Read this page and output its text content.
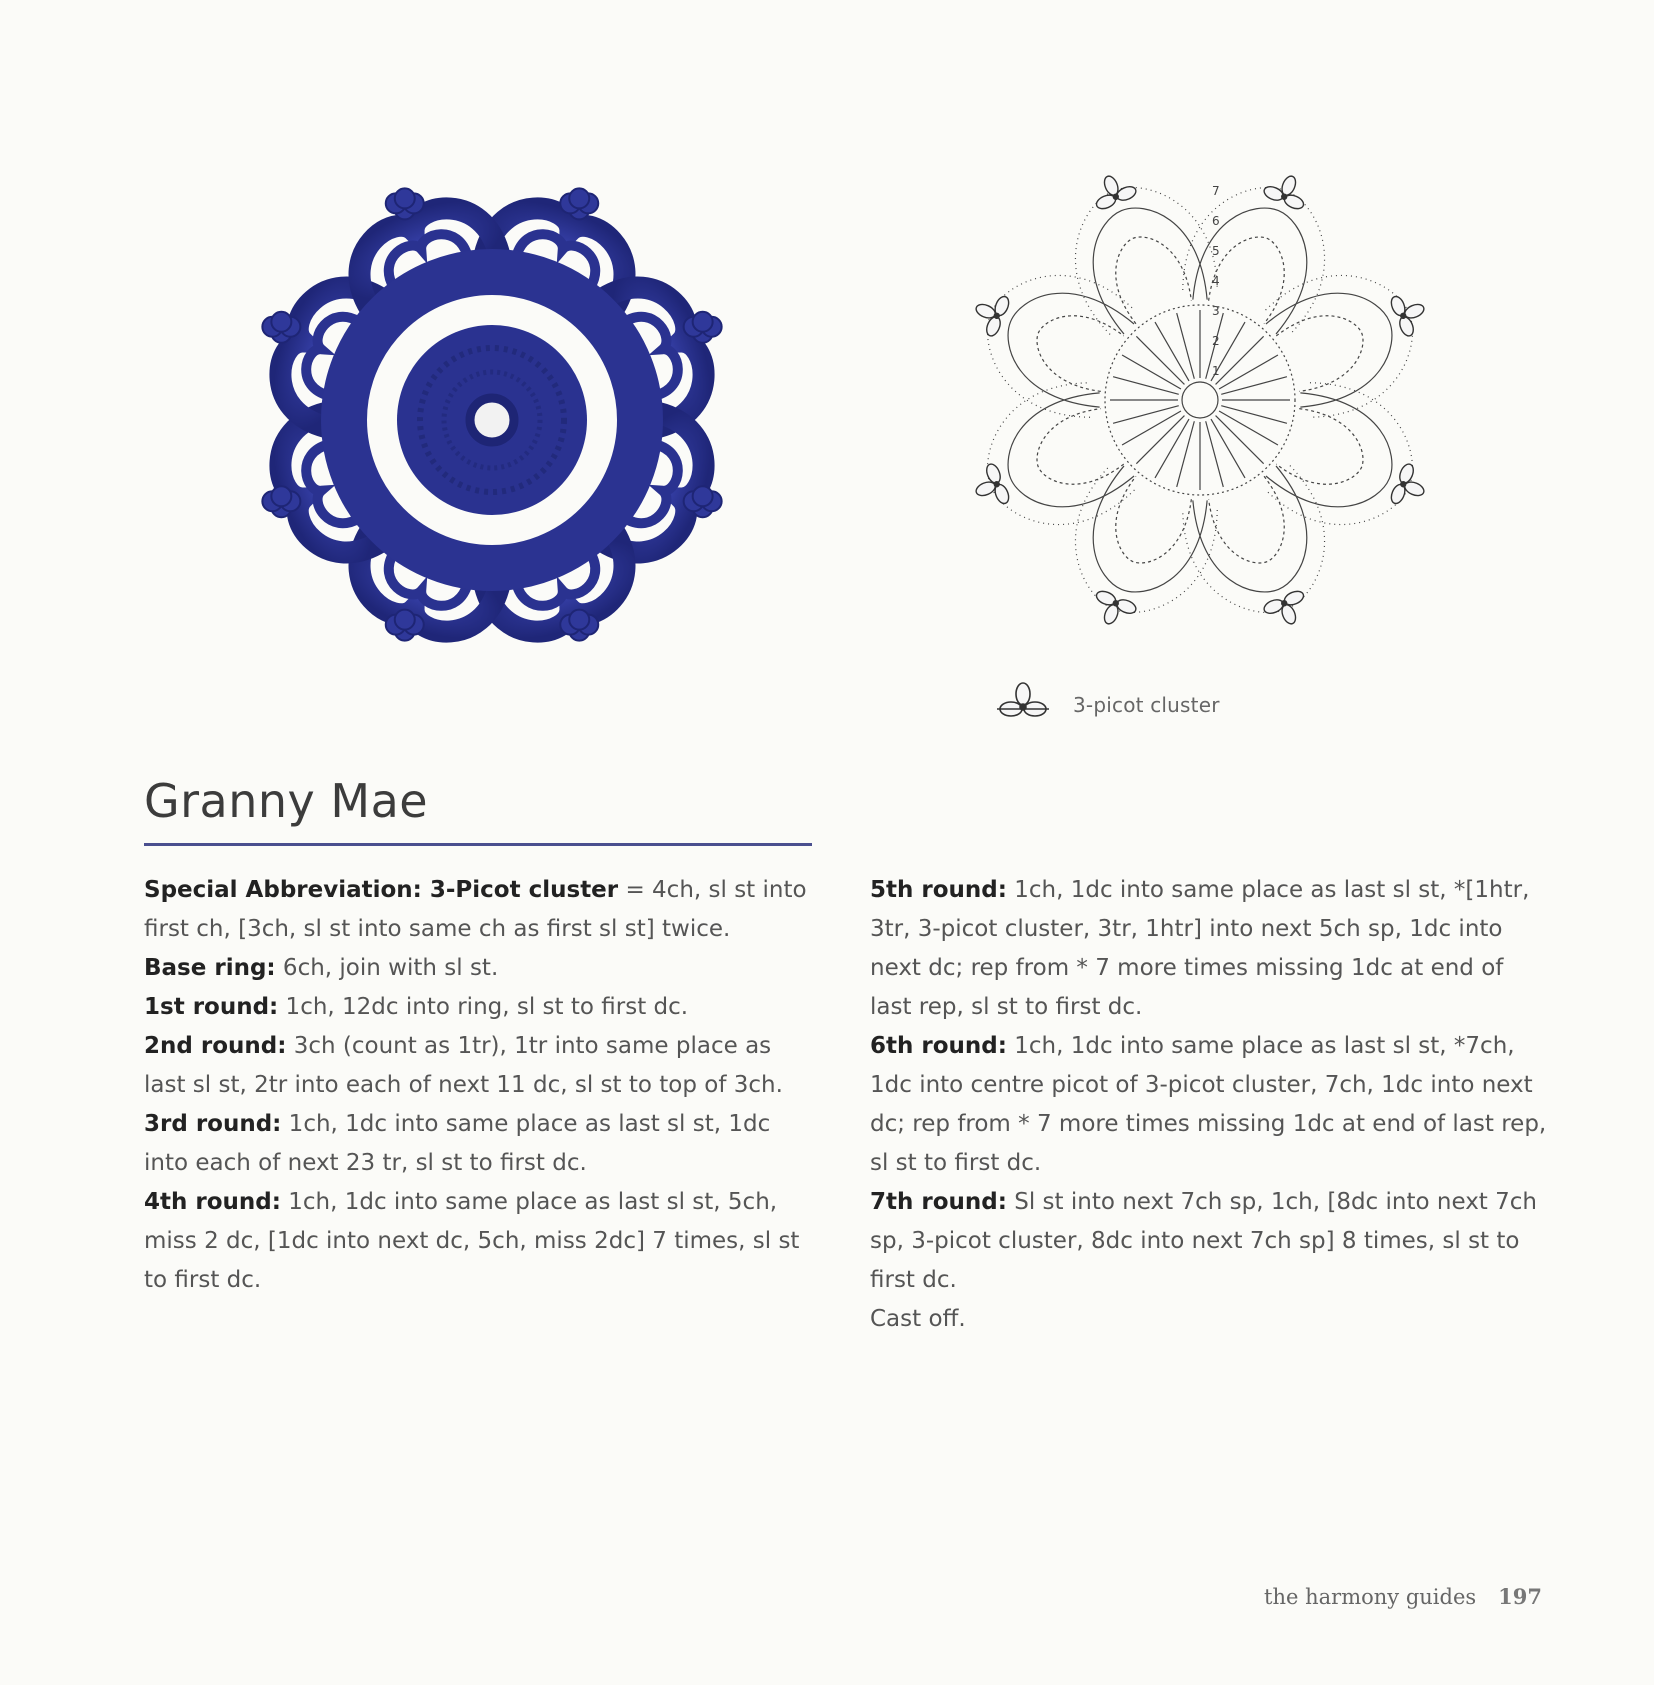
1
2
3
4
5
6
7
3-picot cluster
Granny Mae

Special Abbreviation: 3-Picot cluster = 4ch, sl st into first ch, [3ch, sl st into same ch as first sl st] twice.

Base ring: 6ch, join with sl st.

1st round: 1ch, 12dc into ring, sl st to first dc.

2nd round: 3ch (count as 1tr), 1tr into same place as last sl st, 2tr into each of next 11 dc, sl st to top of 3ch.

3rd round: 1ch, 1dc into same place as last sl st, 1dc into each of next 23 tr, sl st to first dc.

4th round: 1ch, 1dc into same place as last sl st, 5ch, miss 2 dc, [1dc into next dc, 5ch, miss 2dc] 7 times, sl st to first dc.

5th round: 1ch, 1dc into same place as last sl st, *[1htr, 3tr, 3-picot cluster, 3tr, 1htr] into next 5ch sp, 1dc into next dc; rep from * 7 more times missing 1dc at end of last rep, sl st to first dc.

6th round: 1ch, 1dc into same place as last sl st, *7ch, 1dc into centre picot of 3-picot cluster, 7ch, 1dc into next dc; rep from * 7 more times missing 1dc at end of last rep, sl st to first dc.

7th round: Sl st into next 7ch sp, 1ch, [8dc into next 7ch sp, 3-picot cluster, 8dc into next 7ch sp] 8 times, sl st to first dc.

Cast off.

the harmony guides 197
